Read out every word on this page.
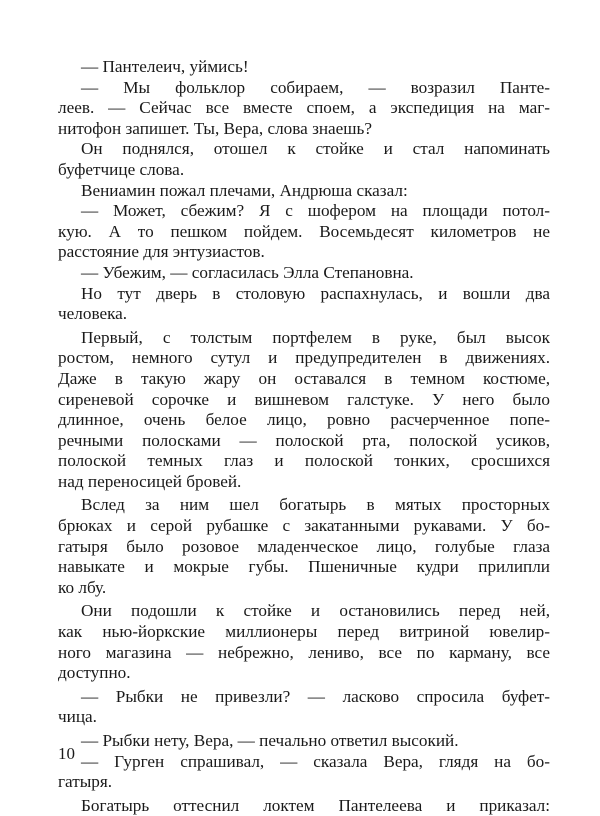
— Пантелеич, уймись!
— Мы фольклор собираем, — возразил Панте-
леев. — Сейчас все вместе споем, а экспедиция на маг-
нитофон запишет. Ты, Вера, слова знаешь?
Он поднялся, отошел к стойке и стал напоминать
буфетчице слова.
Вениамин пожал плечами, Андрюша сказал:
— Может, сбежим? Я с шофером на площади потол-
кую. А то пешком пойдем. Восемьдесят километров не
расстояние для энтузиастов.
— Убежим, — согласилась Элла Степановна.
Но тут дверь в столовую распахнулась, и вошли два
человека.
Первый, с толстым портфелем в руке, был высок
ростом, немного сутул и предупредителен в движениях.
Даже в такую жару он оставался в темном костюме,
сиреневой сорочке и вишневом галстуке. У него было
длинное, очень белое лицо, ровно расчерченное попе-
речными полосками — полоской рта, полоской усиков,
полоской темных глаз и полоской тонких, сросшихся
над переносицей бровей.
Вслед за ним шел богатырь в мятых просторных
брюках и серой рубашке с закатанными рукавами. У бо-
гатыря было розовое младенческое лицо, голубые глаза
навыкате и мокрые губы. Пшеничные кудри прилипли
ко лбу.
Они подошли к стойке и остановились перед ней,
как нью-йоркские миллионеры перед витриной ювелир-
ного магазина — небрежно, лениво, все по карману, все
доступно.
— Рыбки не привезли? — ласково спросила буфет-
чица.
— Рыбки нету, Вера, — печально ответил высокий.
— Гурген спрашивал, — сказала Вера, глядя на бо-
гатыря.
Богатырь оттеснил локтем Пантелеева и приказал:
10
